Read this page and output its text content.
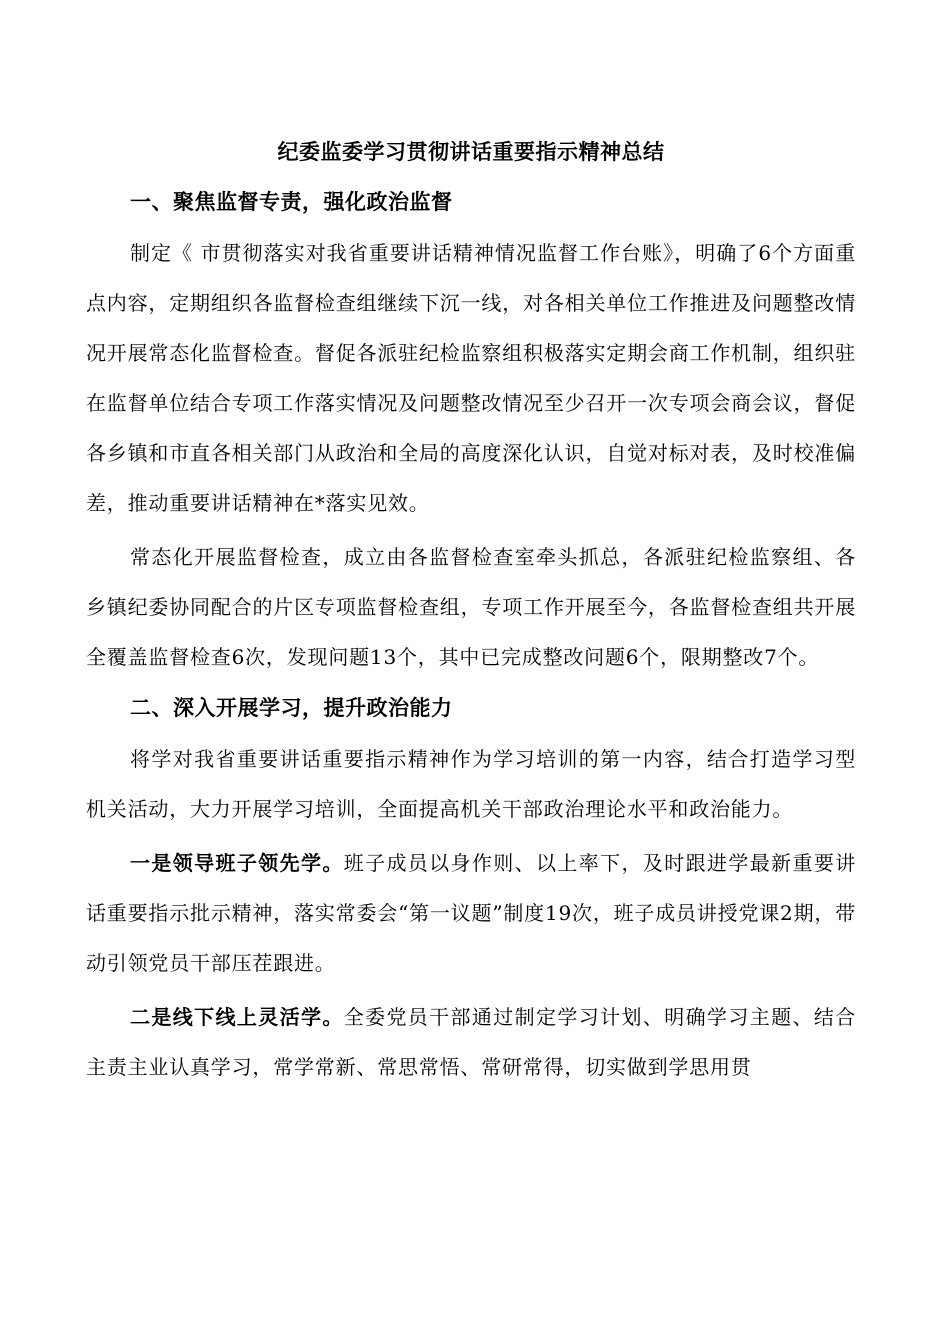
纪委监委学习贯彻讲话重要指示精神总结
一、聚焦监督专责，强化政治监督

制定《 市贯彻落实对我省重要讲话精神情况监督工作台账》，明确了6个方面重点内容，定期组织各监督检查组继续下沉一线，对各相关单位工作推进及问题整改情况开展常态化监督检查。督促各派驻纪检监察组积极落实定期会商工作机制，组织驻在监督单位结合专项工作落实情况及问题整改情况至少召开一次专项会商会议，督促各乡镇和市直各相关部门从政治和全局的高度深化认识，自觉对标对表，及时校准偏差，推动重要讲话精神在*落实见效。

常态化开展监督检查，成立由各监督检查室牵头抓总，各派驻纪检监察组、各乡镇纪委协同配合的片区专项监督检查组，专项工作开展至今，各监督检查组共开展全覆盖监督检查6次，发现问题13个，其中已完成整改问题6个，限期整改7个。

二、深入开展学习，提升政治能力

将学对我省重要讲话重要指示精神作为学习培训的第一内容，结合打造学习型机关活动，大力开展学习培训，全面提高机关干部政治理论水平和政治能力。

一是领导班子领先学。班子成员以身作则、以上率下，及时跟进学最新重要讲话重要指示批示精神，落实常委会“第一议题”制度19次，班子成员讲授党课2期，带动引领党员干部压茬跟进。

二是线下线上灵活学。全委党员干部通过制定学习计划、明确学习主题、结合主责主业认真学习，常学常新、常思常悟、常研常得，切实做到学思用贯
